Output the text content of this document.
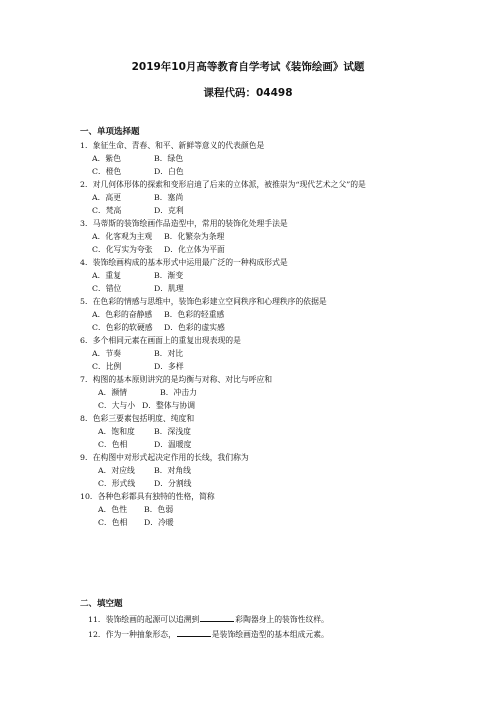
2019年10月高等教育自学考试《装饰绘画》试题
课程代码：04498
一、单项选择题
1．象征生命、青春、和平、新鲜等意义的代表颜色是
A．紫色	B．绿色
C．橙色	D．白色
2．对几何体形体的探索和变形启迪了后来的立体派，被推崇为“现代艺术之父”的是
A．高更	B．塞尚
C．梵高	D．克利
3．马蒂斯的装饰绘画作品造型中，常用的装饰化处理手法是
A．化客观为主观 B．化繁杂为条理
C．化写实为夸张 D．化立体为平面
4．装饰绘画构成的基本形式中运用最广泛的一种构成形式是
A．重复	B．渐变
C．错位	D．肌理
5．在色彩的情感与思维中，装饰色彩建立空间秩序和心理秩序的依据是
A．色彩的奋静感 B．色彩的轻重感
C．色彩的软硬感 D．色彩的虚实感
6．多个相同元素在画面上的重复出现表现的是
A．节奏	B．对比
C．比例	D．多样
7．构图的基本原则讲究的是均衡与对称、对比与呼应和
A．濒情	B．冲击力
C．大与小 D．整体与协调
8．色彩三要素包括明度、纯度和
A．饱和度 B．深浅度
C．色相	D．温暖度
9．在构图中对形式起决定作用的长线，我们称为
A．对应线 B．对角线
C．形式线 D．分割线
10．各种色彩都具有独特的性格，简称
A．色性 B．色弱
C．色相 D．冷暖
二、填空题
11．装饰绘画的起源可以追溯到	彩陶器身上的装饰性纹样。
12．作为一种抽象形态，	是装饰绘画造型的基本组成元素。
